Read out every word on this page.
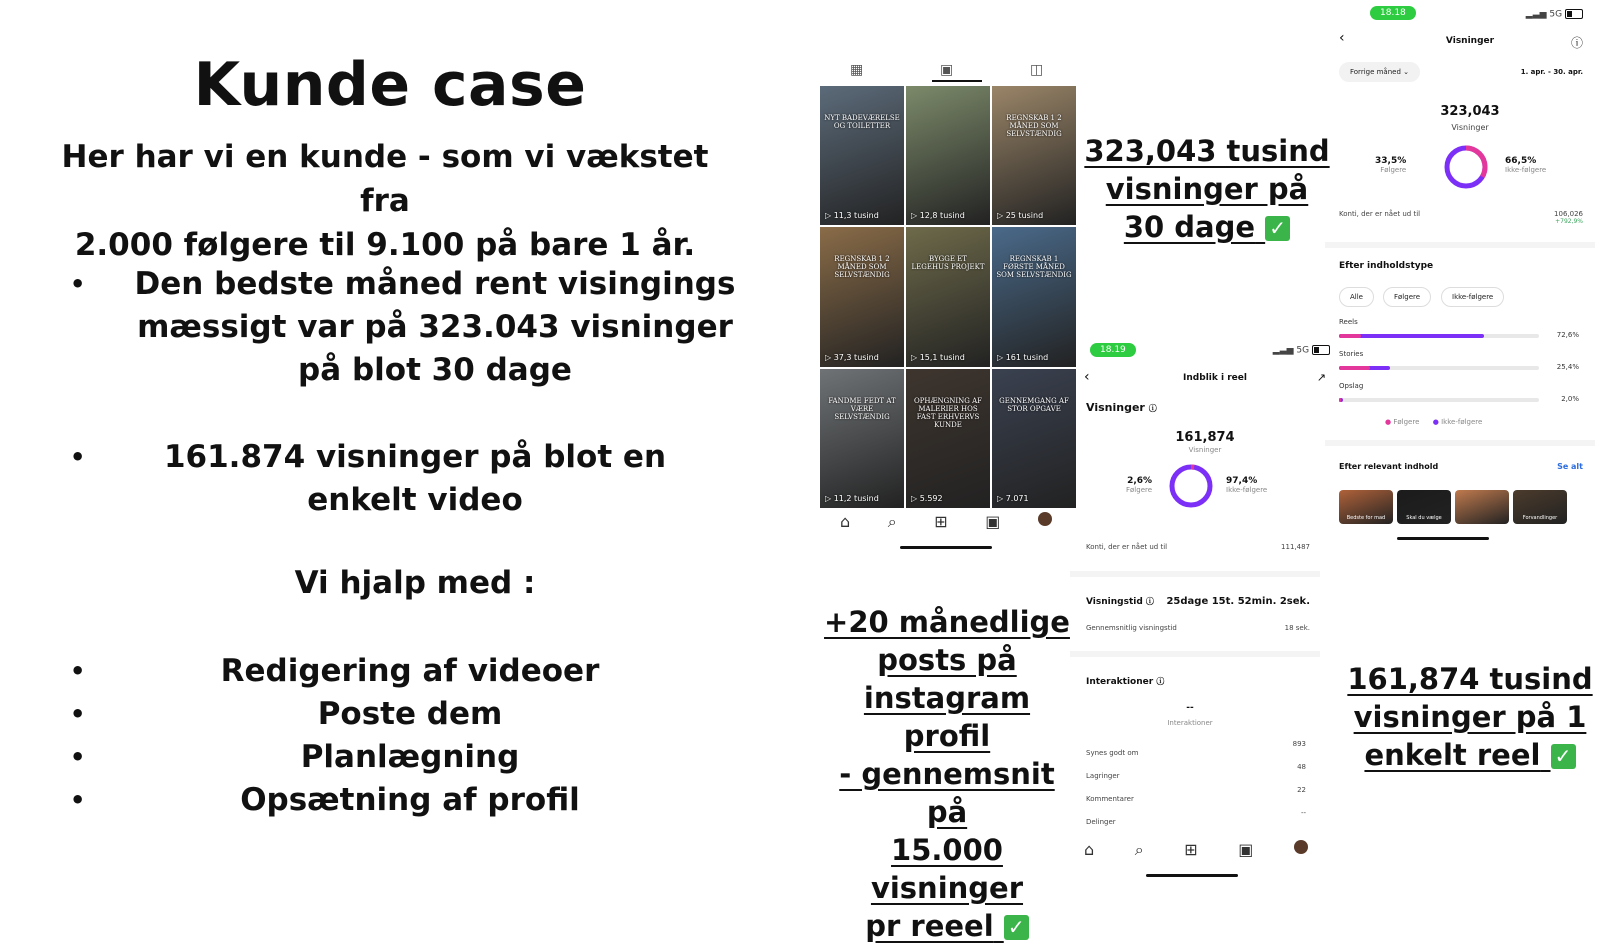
Kunde case
Her har vi en kunde - som vi vækstet fra
2.000 følgere til 9.100 på bare 1 år.
•	Den bedste måned rent visingings mæssigt var på 323.043 visninger på blot 30 dage
•	161.874 visninger på blot en enkelt video
Vi hjalp med :
•	Redigering af videoer
•	Poste dem
•	Planlægning
•	Opsætning af profil
▦	▣	◫
NYT BADEVÆRELSE OG TOILETTER
▷ 11,3 tusind	▷ 12,8 tusind
REGNSKAB 1 2 MÅNED SOM SELVSTÆNDIG
▷ 25 tusind
REGNSKAB 1 2 MÅNED SOM SELVSTÆNDIG
▷ 37,3 tusind
BYGGE ET LEGEHUS PROJEKT
▷ 15,1 tusind
REGNSKAB 1 FØRSTE MÅNED SOM SELVSTÆNDIG
▷ 161 tusind
FANDME FEDT AT VÆRE SELVSTÆNDIG
▷ 11,2 tusind
OPHÆNGNING AF MALERIER HOS FAST ERHVERVS KUNDE
▷ 5.592
GENNEMGANG AF STOR OPGAVE
▷ 7.071
⌂ ⌕ ⊞ ▣
323,043 tusind
visninger på
30 dage ✓
+20 månedlige
posts på
instagram profil
- gennemsnit på
15.000 visninger
pr reeel ✓
161,874 tusind
visninger på 1
enkelt reel ✓
18.19	▂▃▅ 5G
‹	Indblik i reel	↗
Visninger ⓘ
161,874
Visninger
2,6%
Følgere
97,4%
Ikke-følgere
Konti, der er nået ud til	111,487
Visningstid ⓘ 25dage 15t. 52min. 2sek.
Gennemsnitlig visningstid	18 sek.
Interaktioner ⓘ
--
Interaktioner
Synes godt om
893
Lagringer
48
Kommentarer
22
Delinger
--
⌂	⌕	⊞	▣
18.18	▂▃▅ 5G
‹	Visninger	ⓘ
Forrige måned ⌄	1. apr. - 30. apr.
323,043
Visninger
33,5%
Følgere
66,5%
Ikke-følgere
Konti, der er nået ud til	106,026
+792,9%
Efter indholdstype
Alle	Følgere	Ikke-følgere
Reels
72,6%
Stories
25,4%
Opslag
2,0%
● Følgere ● Ikke-følgere
Efter relevant indhold	Se alt
Bedste for mad	Skal du vælge	Forvandlinger
